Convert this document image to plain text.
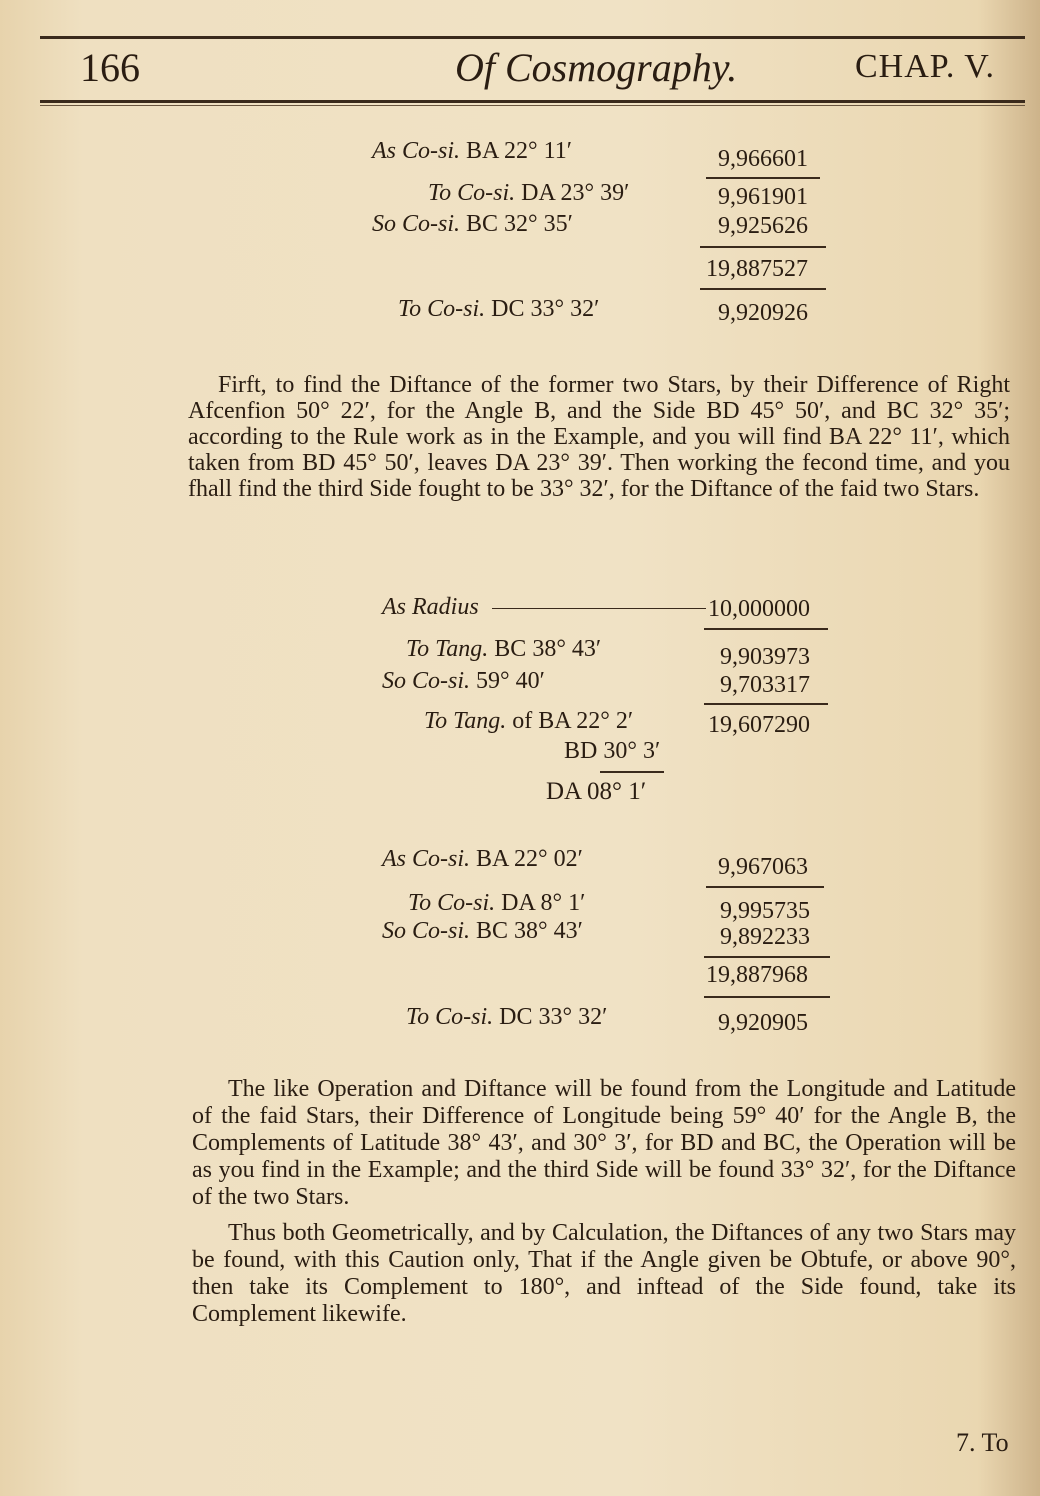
166	Of Cosmography.	CHAP. V.
As Co-si. BA 22° 11′	9,966601
To Co-si. DA 23° 39′	9,961901
So Co-si. BC 32° 35′	9,925626
19,887527
To Co-si. DC 33° 32′	9,920926
Firft, to find the Diftance of the former two Stars, by their Difference of Right Afcenfion 50° 22′, for the Angle B, and the Side BD 45° 50′, and BC 32° 35′; according to the Rule work as in the Example, and you will find BA 22° 11′, which taken from BD 45° 50′, leaves DA 23° 39′. Then working the fecond time, and you fhall find the third Side fought to be 33° 32′, for the Diftance of the faid two Stars.
As Radius	10,000000
To Tang. BC 38° 43′	9,903973
So Co-si. 59° 40′	9,703317
To Tang. of BA 22° 2′	19,607290
BD 30° 3′
DA 08° 1′
As Co-si. BA 22° 02′	9,967063
To Co-si. DA 8° 1′	9,995735
So Co-si. BC 38° 43′	9,892233
19,887968
To Co-si. DC 33° 32′	9,920905
The like Operation and Diftance will be found from the Longitude and Latitude of the faid Stars, their Difference of Longitude being 59° 40′ for the Angle B, the Complements of Latitude 38° 43′, and 30° 3′, for BD and BC, the Operation will be as you find in the Example; and the third Side will be found 33° 32′, for the Diftance of the two Stars.
Thus both Geometrically, and by Calculation, the Diftances of any two Stars may be found, with this Caution only, That if the Angle given be Obtufe, or above 90°, then take its Complement to 180°, and inftead of the Side found, take its Complement likewife.
7. To
